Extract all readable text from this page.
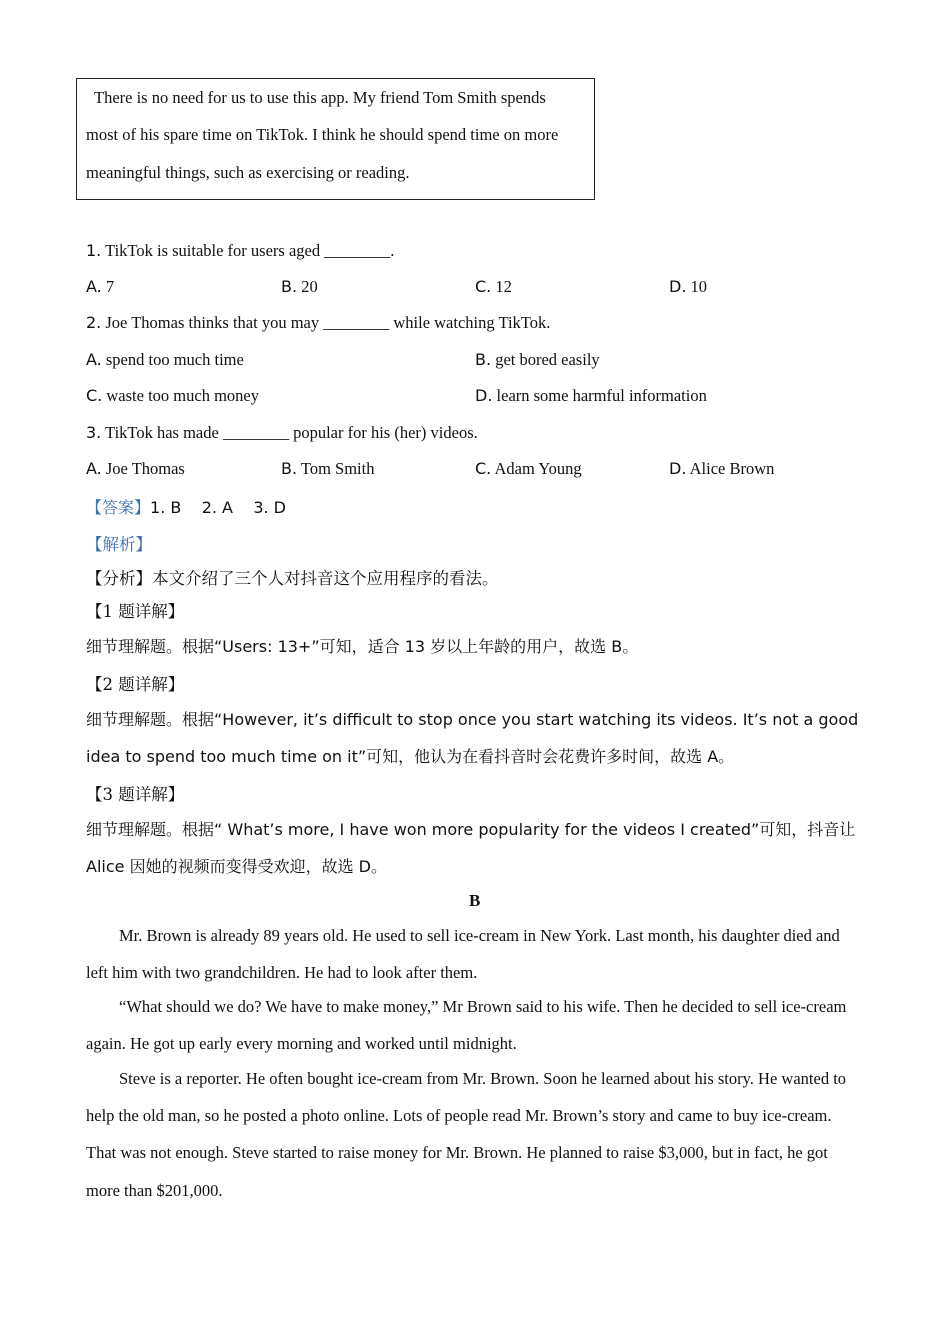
There is no need for us to use this app. My friend Tom Smith spends
most of his spare time on TikTok. I think he should spend time on more
meaningful things, such as exercising or reading.
1. TikTok is suitable for users aged ________.
A. 7	B. 20	C. 12	D. 10
2. Joe Thomas thinks that you may ________ while watching TikTok.
A. spend too much time	B. get bored easily
C. waste too much money	D. learn some harmful information
3. TikTok has made ________ popular for his (her) videos.
A. Joe Thomas	B. Tom Smith	C. Adam Young	D. Alice Brown
【答案】1. B    2. A    3. D
【解析】
【分析】本文介绍了三个人对抖音这个应用程序的看法。
【1 题详解】
细节理解题。根据“Users: 13+”可知，适合 13 岁以上年龄的用户，故选 B。
【2 题详解】
细节理解题。根据“However, it’s difficult to stop once you start watching its videos. It’s not a good
idea to spend too much time on it”可知，他认为在看抖音时会花费许多时间，故选 A。
【3 题详解】
细节理解题。根据“ What’s more, I have won more popularity for the videos I created”可知，抖音让
Alice 因她的视频而变得受欢迎，故选 D。
B
Mr. Brown is already 89 years old. He used to sell ice-cream in New York. Last month, his daughter died and
left him with two grandchildren. He had to look after them.
“What should we do? We have to make money,” Mr Brown said to his wife. Then he decided to sell ice-cream
again. He got up early every morning and worked until midnight.
Steve is a reporter. He often bought ice-cream from Mr. Brown. Soon he learned about his story. He wanted to
help the old man, so he posted a photo online. Lots of people read Mr. Brown’s story and came to buy ice-cream.
That was not enough. Steve started to raise money for Mr. Brown. He planned to raise $3,000, but in fact, he got
more than $201,000.
